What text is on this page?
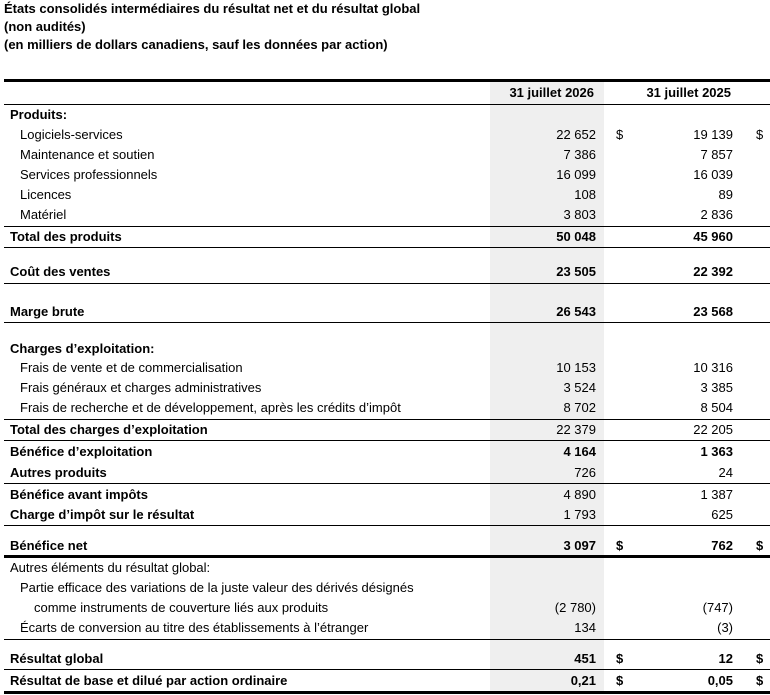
États consolidés intermédiaires du résultat net et du résultat global
(non audités)
(en milliers de dollars canadiens, sauf les données par action)
31 juillet 2026	31 juillet 2025
Produits:
Logiciels-services	22 652 $	19 139 $
Maintenance et soutien	7 386	7 857
Services professionnels	16 099	16 039
Licences	108	89
Matériel	3 803	2 836
Total des produits	50 048	45 960
Coût des ventes	23 505	22 392
Marge brute	26 543	23 568
Charges d’exploitation:
Frais de vente et de commercialisation	10 153	10 316
Frais généraux et charges administratives	3 524	3 385
Frais de recherche et de développement, après les crédits d’impôt	8 702	8 504
Total des charges d’exploitation	22 379	22 205
Bénéfice d’exploitation	4 164	1 363
Autres produits	726	24
Bénéfice avant impôts	4 890	1 387
Charge d’impôt sur le résultat	1 793	625
Bénéfice net	3 097 $	762 $
Autres éléments du résultat global:
Partie efficace des variations de la juste valeur des dérivés désignés
comme instruments de couverture liés aux produits	(2 780)	(747)
Écarts de conversion au titre des établissements à l’étranger	134	(3)
Résultat global	451 $	12 $
Résultat de base et dilué par action ordinaire	0,21 $	0,05 $
